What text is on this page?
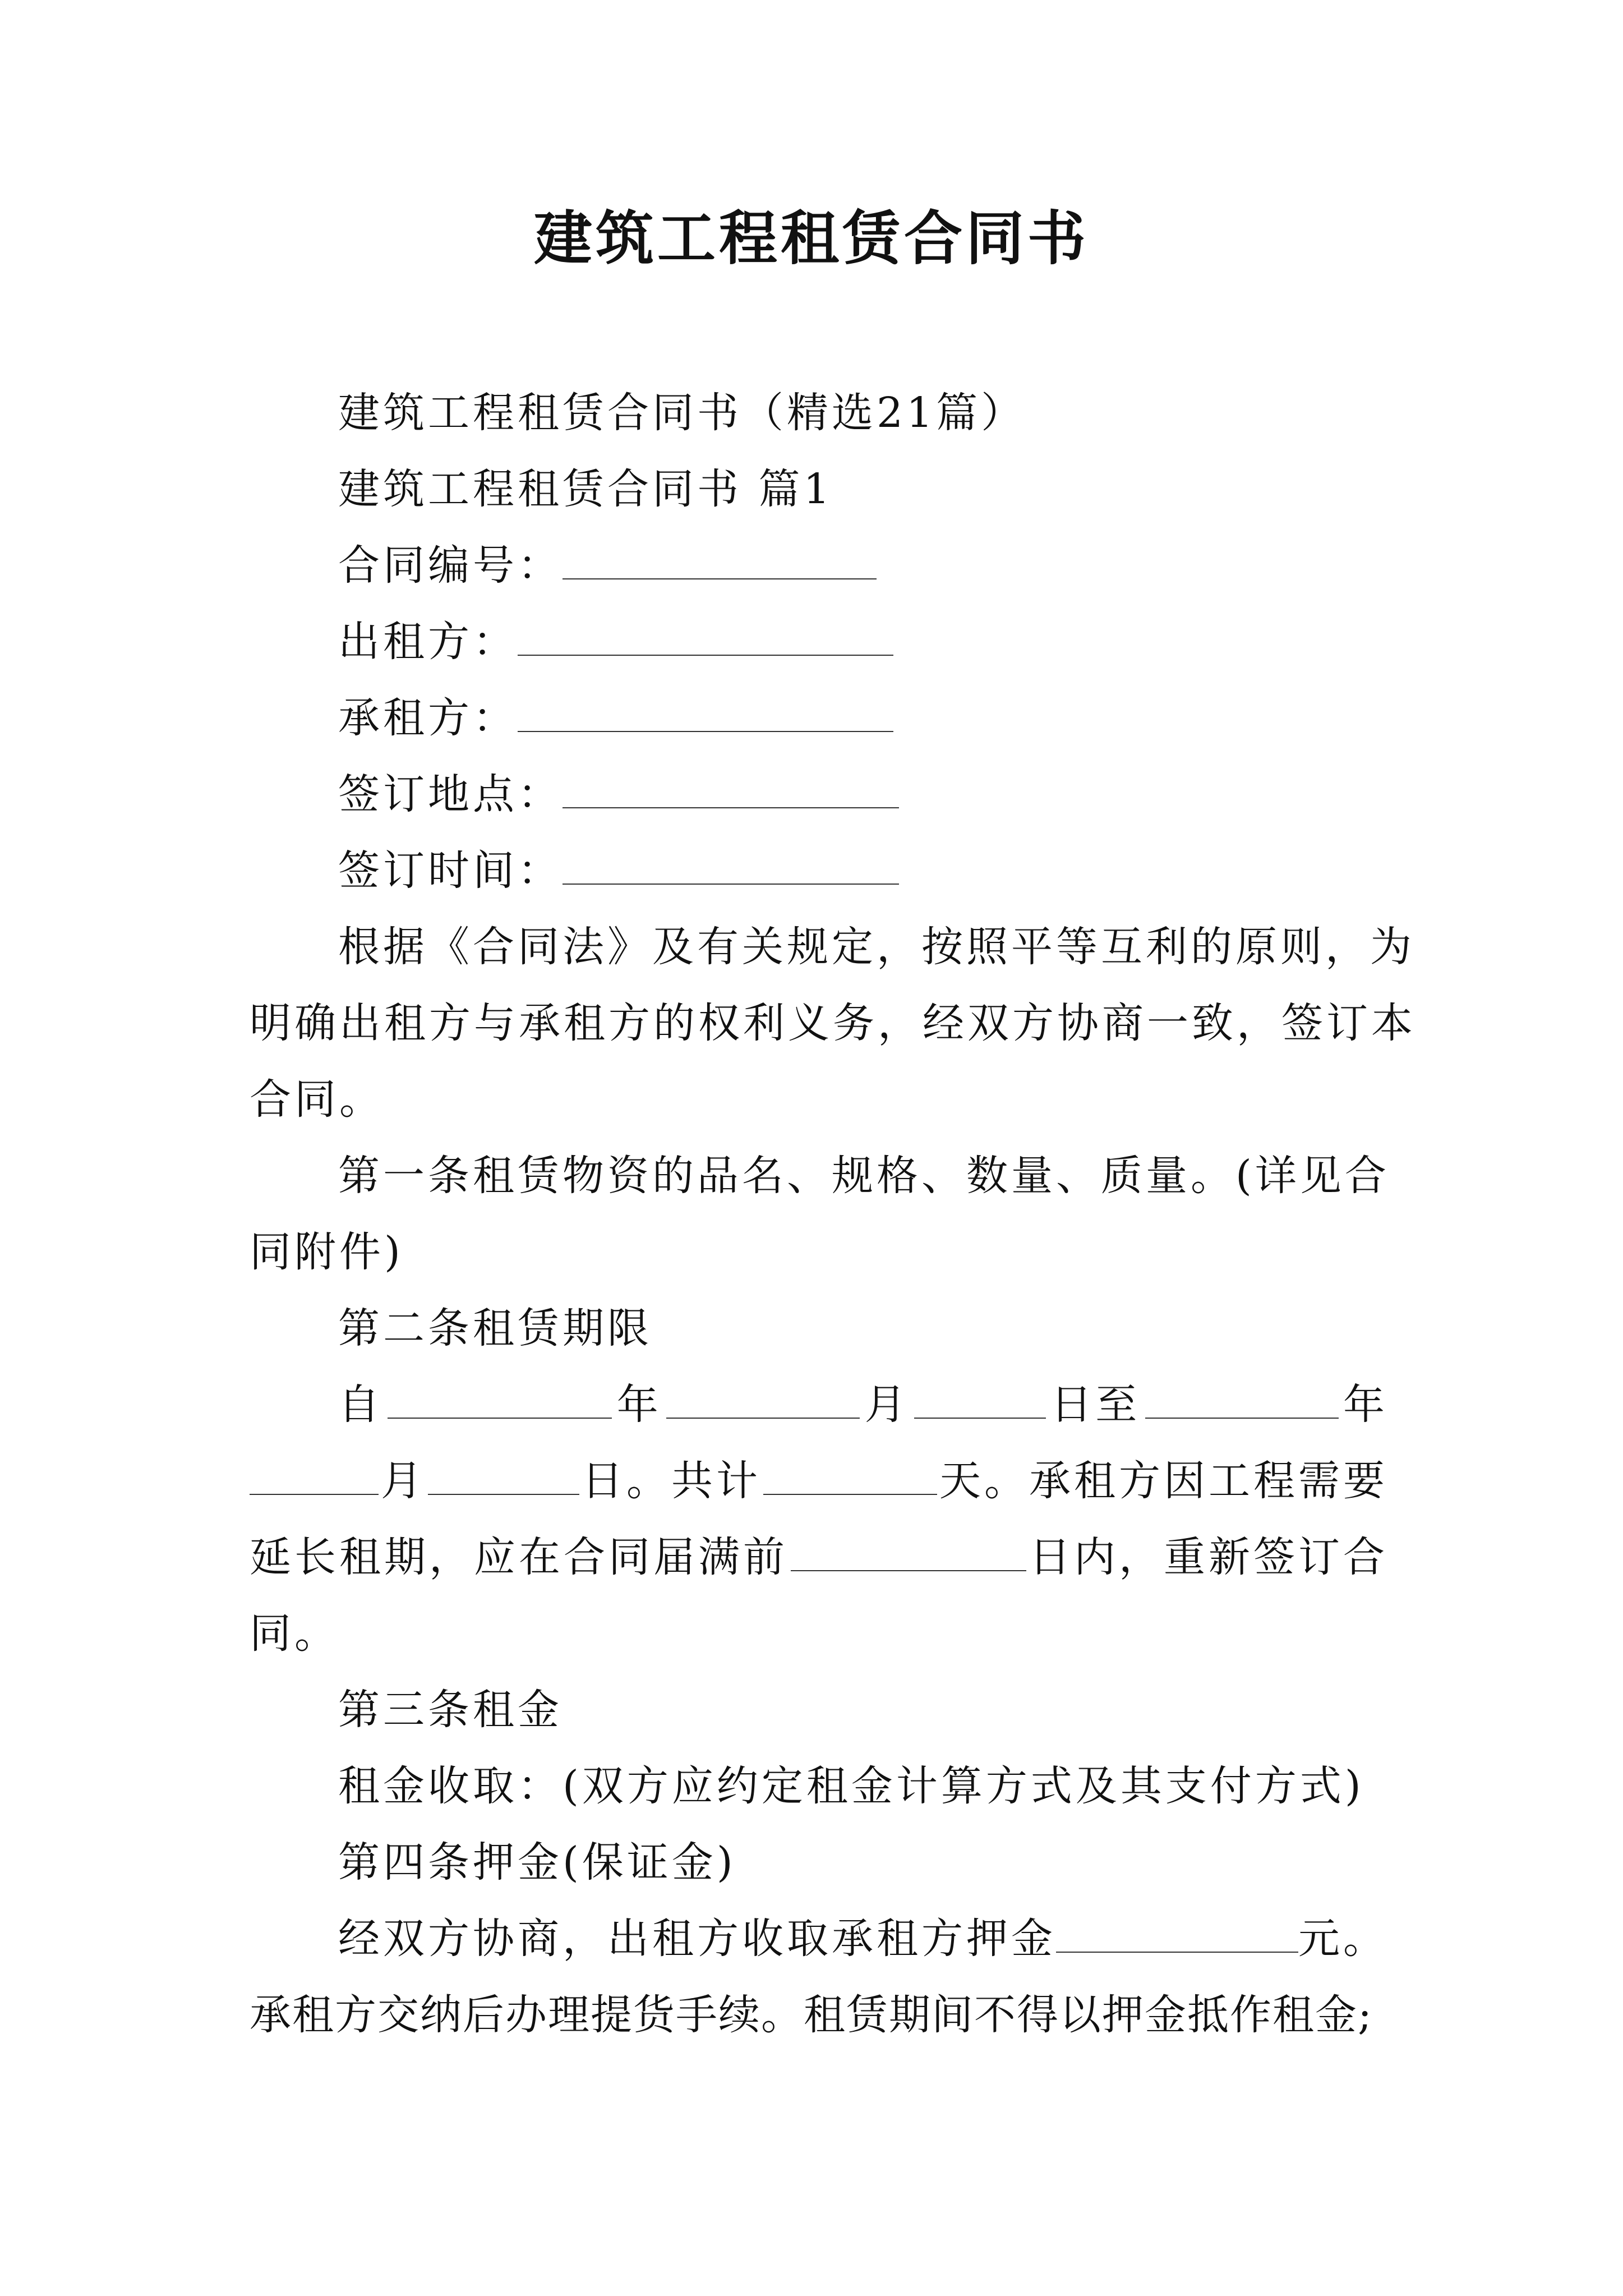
建筑工程租赁合同书
建筑工程租赁合同书（精选21篇）
建筑工程租赁合同书 篇1
合同编号：
出租方：
承租方：
签订地点：
签订时间：
根据《合同法》及有关规定，按照平等互利的原则，为
明确出租方与承租方的权利义务，经双方协商一致，签订本
合同。
第一条租赁物资的品名、规格、数量、质量。(详见合
同附件)
第二条租赁期限
自	年	月	日至	年
月	日。共计	天。承租方因工程需要
延长租期，应在合同届满前	日内，重新签订合
同。
第三条租金
租金收取：(双方应约定租金计算方式及其支付方式)
第四条押金(保证金)
经双方协商，出租方收取承租方押金	元。
承租方交纳后办理提货手续。租赁期间不得以押金抵作租金;
